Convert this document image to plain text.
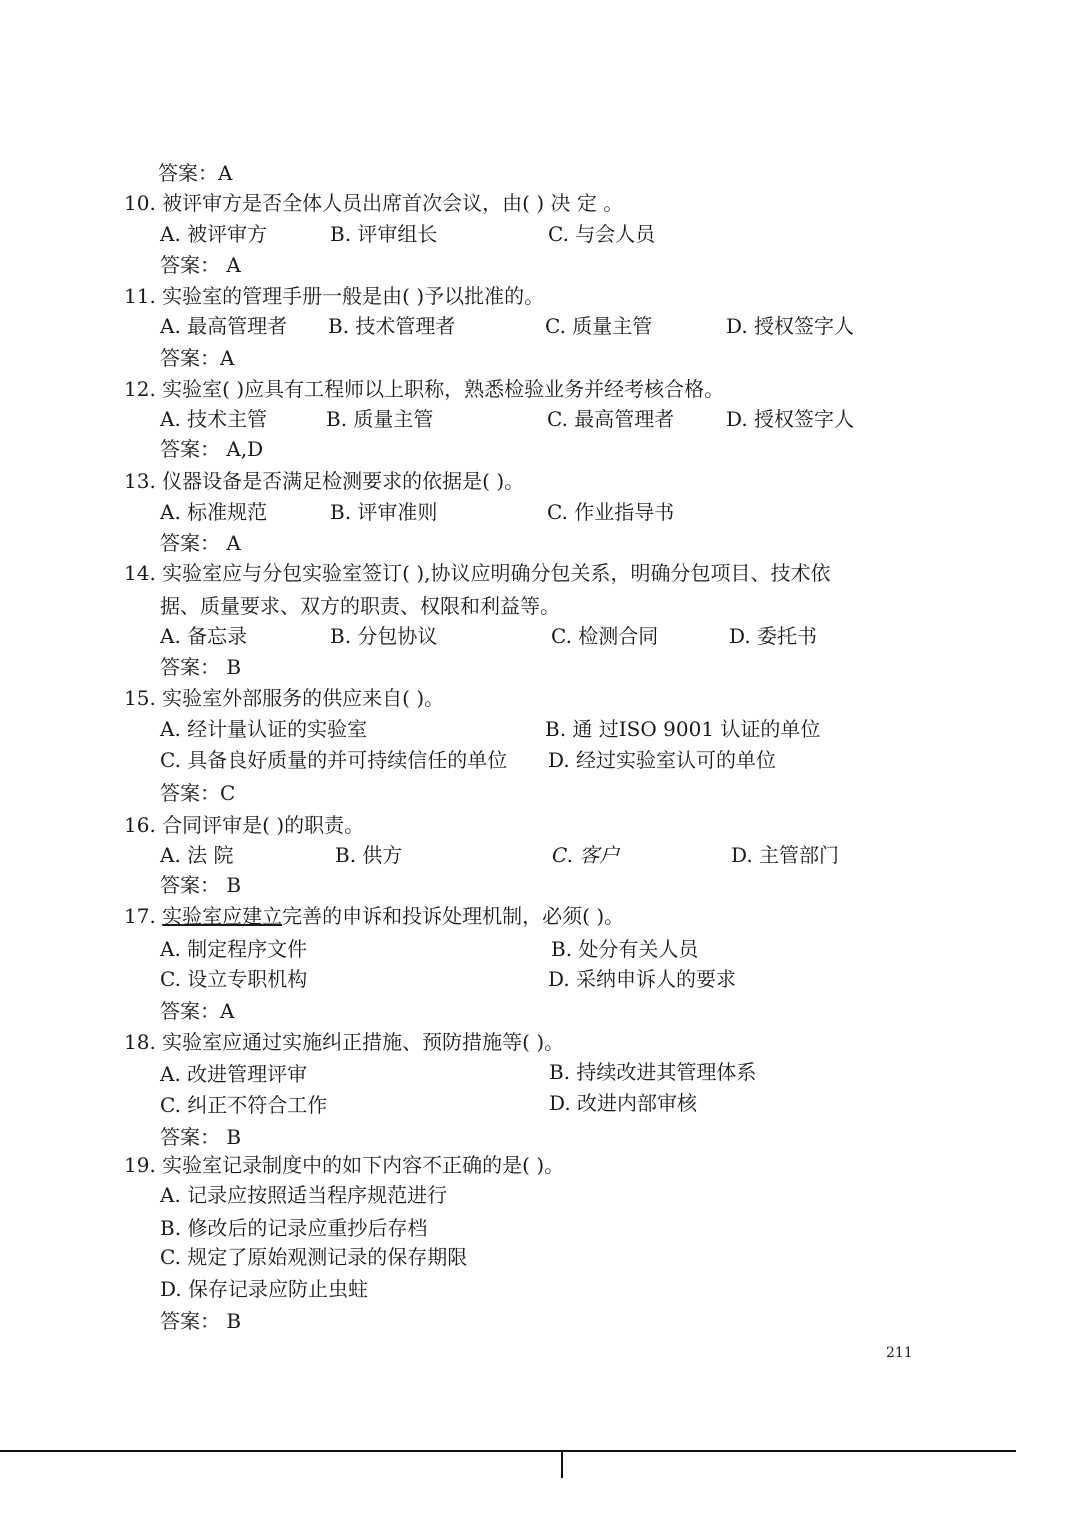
答案：A
10. 被评审方是否全体人员出席首次会议，由( ) 决 定 。
A. 被评审方	B. 评审组长	C. 与会人员
答案： A
11. 实验室的管理手册一般是由( )予以批准的。
A. 最高管理者 B. 技术管理者	C. 质量主管	D. 授权签字人
答案：A
12. 实验室( )应具有工程师以上职称，熟悉检验业务并经考核合格。
A. 技术主管	B. 质量主管	C. 最高管理者	D. 授权签字人
答案： A,D
13. 仪器设备是否满足检测要求的依据是( )。
A. 标准规范	B. 评审准则	C. 作业指导书
答案： A
14. 实验室应与分包实验室签订( ),协议应明确分包关系，明确分包项目、技术依
据、质量要求、双方的职责、权限和利益等。
A. 备忘录	B. 分包协议	C. 检测合同	D. 委托书
答案： B
15. 实验室外部服务的供应来自( )。
A. 经计量认证的实验室	B. 通 过ISO 9001 认证的单位
C. 具备良好质量的并可持续信任的单位 D. 经过实验室认可的单位
答案：C
16. 合同评审是( )的职责。
A. 法 院	B. 供方	C. 客户	D. 主管部门
答案： B
17. 实验室应建立完善的申诉和投诉处理机制，必须( )。
A. 制定程序文件	B. 处分有关人员
C. 设立专职机构	D. 采纳申诉人的要求
答案：A
18. 实验室应通过实施纠正措施、预防措施等( )。
A. 改进管理评审	B. 持续改进其管理体系
C. 纠正不符合工作	D. 改进内部审核
答案： B
19. 实验室记录制度中的如下内容不正确的是( )。
A. 记录应按照适当程序规范进行
B. 修改后的记录应重抄后存档
C. 规定了原始观测记录的保存期限
D. 保存记录应防止虫蛀
答案： B
211
